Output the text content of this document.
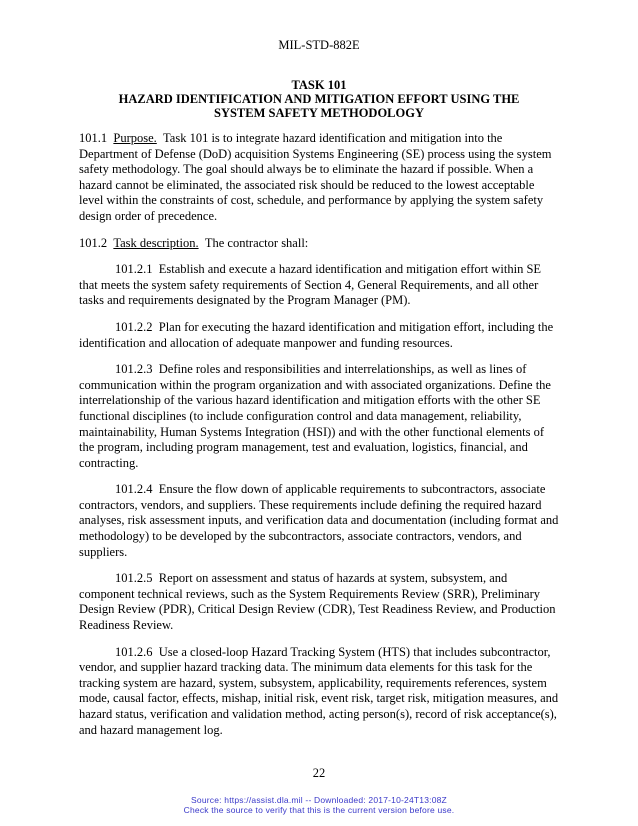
MIL-STD-882E
TASK 101
HAZARD IDENTIFICATION AND MITIGATION EFFORT USING THE
SYSTEM SAFETY METHODOLOGY

101.1 Purpose. Task 101 is to integrate hazard identification and mitigation into the Department of Defense (DoD) acquisition Systems Engineering (SE) process using the system safety methodology. The goal should always be to eliminate the hazard if possible. When a hazard cannot be eliminated, the associated risk should be reduced to the lowest acceptable level within the constraints of cost, schedule, and performance by applying the system safety design order of precedence.

101.2 Task description. The contractor shall:

101.2.1 Establish and execute a hazard identification and mitigation effort within SE that meets the system safety requirements of Section 4, General Requirements, and all other tasks and requirements designated by the Program Manager (PM).

101.2.2 Plan for executing the hazard identification and mitigation effort, including the identification and allocation of adequate manpower and funding resources.

101.2.3 Define roles and responsibilities and interrelationships, as well as lines of communication within the program organization and with associated organizations. Define the interrelationship of the various hazard identification and mitigation efforts with the other SE functional disciplines (to include configuration control and data management, reliability, maintainability, Human Systems Integration (HSI)) and with the other functional elements of the program, including program management, test and evaluation, logistics, financial, and contracting.

101.2.4 Ensure the flow down of applicable requirements to subcontractors, associate contractors, vendors, and suppliers. These requirements include defining the required hazard analyses, risk assessment inputs, and verification data and documentation (including format and methodology) to be developed by the subcontractors, associate contractors, vendors, and suppliers.

101.2.5 Report on assessment and status of hazards at system, subsystem, and component technical reviews, such as the System Requirements Review (SRR), Preliminary Design Review (PDR), Critical Design Review (CDR), Test Readiness Review, and Production Readiness Review.

101.2.6 Use a closed-loop Hazard Tracking System (HTS) that includes subcontractor, vendor, and supplier hazard tracking data. The minimum data elements for this task for the tracking system are hazard, system, subsystem, applicability, requirements references, system mode, causal factor, effects, mishap, initial risk, event risk, target risk, mitigation measures, and hazard status, verification and validation method, acting person(s), record of risk acceptance(s), and hazard management log.

22
Source: https://assist.dla.mil -- Downloaded: 2017-10-24T13:08Z
Check the source to verify that this is the current version before use.
